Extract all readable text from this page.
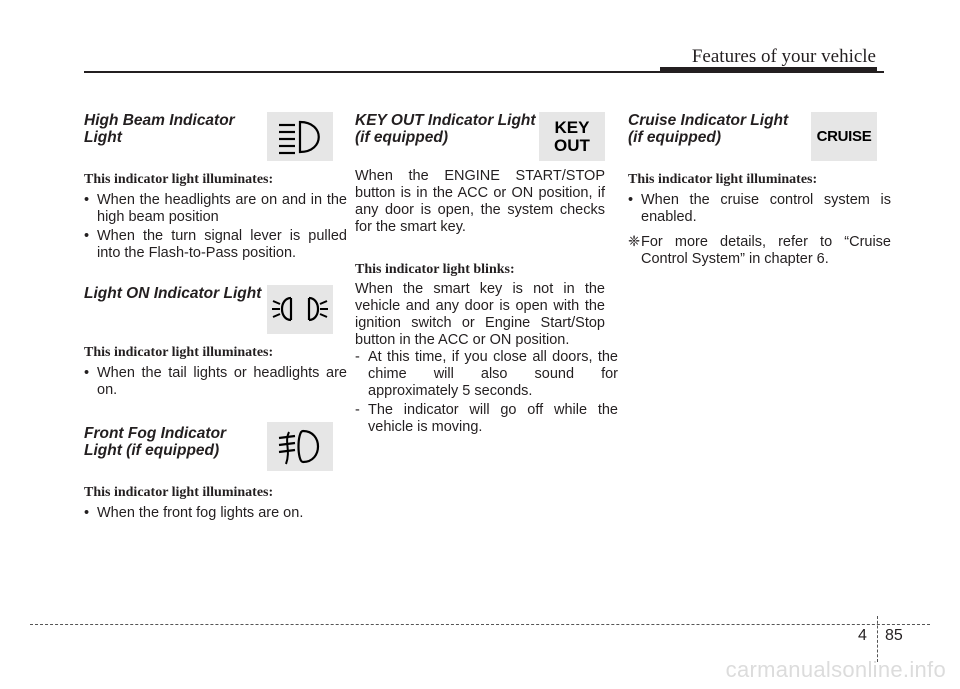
Features of your vehicle
High Beam Indicator Light
This indicator light illuminates:
• When the headlights are on and in the high beam position
• When the turn signal lever is pulled into the Flash-to-Pass position.
Light ON Indicator Light
This indicator light illuminates:
• When the tail lights or headlights are on.
Front Fog Indicator Light (if equipped)
This indicator light illuminates:
• When the front fog lights are on.
KEY OUT Indicator Light (if equipped)
KEY OUT
When the ENGINE START/STOP button is in the ACC or ON position, if any door is open, the system checks for the smart key.
This indicator light blinks:
When the smart key is not in the vehicle and any door is open with the ignition switch or Engine Start/Stop button in the ACC or ON position.
- At this time, if you close all doors, the chime will also sound for approximately 5 seconds.
- The indicator will go off while the vehicle is moving.
Cruise Indicator Light (if equipped)	CRUISE
This indicator light illuminates:
• When the cruise control system is enabled.
❈For more details, refer to “Cruise Control System” in chapter 6.
4 85
carmanualsonline.info
